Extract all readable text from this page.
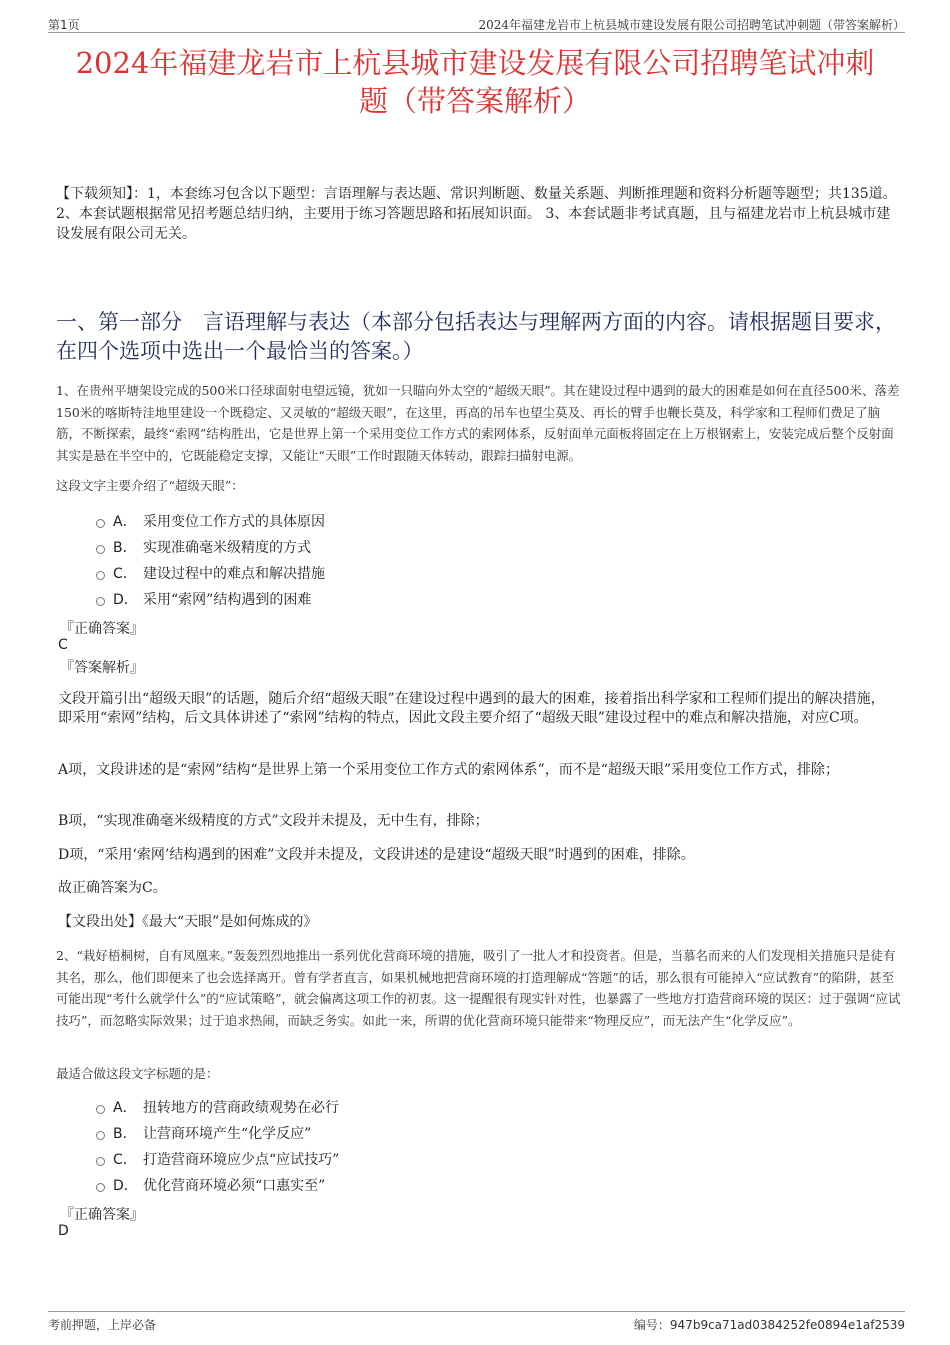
第1页	2024年福建龙岩市上杭县城市建设发展有限公司招聘笔试冲刺题（带答案解析）
2024年福建龙岩市上杭县城市建设发展有限公司招聘笔试冲刺
题（带答案解析）
【下载须知】：1，本套练习包含以下题型：言语理解与表达题、常识判断题、数量关系题、判断推理题和资料分析题等题型；共135道。 2、本套试题根据常见招考题总结归纳，主要用于练习答题思路和拓展知识面。 3、本套试题非考试真题，且与福建龙岩市上杭县城市建设发展有限公司无关。
一、第一部分　言语理解与表达（本部分包括表达与理解两方面的内容。请根据题目要求，在四个选项中选出一个最恰当的答案。）
1、在贵州平塘架设完成的500米口径球面射电望远镜，犹如一只瞄向外太空的“超级天眼”。其在建设过程中遇到的最大的困难是如何在直径500米、落差150米的喀斯特洼地里建设一个既稳定、又灵敏的“超级天眼”，在这里，再高的吊车也望尘莫及、再长的臂手也鞭长莫及，科学家和工程师们费足了脑筋，不断探索，最终“索网”结构胜出，它是世界上第一个采用变位工作方式的索网体系，反射面单元面板将固定在上万根钢索上，安装完成后整个反射面其实是悬在半空中的，它既能稳定支撑，又能让“天眼”工作时跟随天体转动，跟踪扫描射电源。
这段文字主要介绍了“超级天眼”：
A． 采用变位工作方式的具体原因
B． 实现准确毫米级精度的方式
C． 建设过程中的难点和解决措施
D． 采用“索网”结构遇到的困难
『正确答案』
C
『答案解析』
文段开篇引出“超级天眼”的话题，随后介绍“超级天眼”在建设过程中遇到的最大的困难，接着指出科学家和工程师们提出的解决措施，即采用“索网”结构，后文具体讲述了“索网”结构的特点，因此文段主要介绍了“超级天眼”建设过程中的难点和解决措施，对应C项。
A项，文段讲述的是“索网”结构“是世界上第一个采用变位工作方式的索网体系”，而不是“超级天眼”采用变位工作方式，排除；
B项，“实现准确毫米级精度的方式”文段并未提及，无中生有，排除；
D项，“采用‘索网’结构遇到的困难”文段并未提及，文段讲述的是建设“超级天眼”时遇到的困难，排除。
故正确答案为C。
【文段出处】《最大“天眼”是如何炼成的》
2、“栽好梧桐树，自有凤凰来。”轰轰烈烈地推出一系列优化营商环境的措施，吸引了一批人才和投资者。但是，当慕名而来的人们发现相关措施只是徒有其名，那么，他们即便来了也会选择离开。曾有学者直言，如果机械地把营商环境的打造理解成“答题”的话，那么很有可能掉入“应试教育”的陷阱，甚至可能出现“考什么就学什么”的“应试策略”，就会偏离这项工作的初衷。这一提醒很有现实针对性，也暴露了一些地方打造营商环境的误区：过于强调“应试技巧”，而忽略实际效果；过于追求热闹，而缺乏务实。如此一来，所谓的优化营商环境只能带来“物理反应”，而无法产生“化学反应”。
最适合做这段文字标题的是：
A． 扭转地方的营商政绩观势在必行
B． 让营商环境产生“化学反应”
C． 打造营商环境应少点“应试技巧”
D． 优化营商环境必须“口惠实至”
『正确答案』
D
考前押题，上岸必备	编号：947b9ca71ad0384252fe0894e1af2539
